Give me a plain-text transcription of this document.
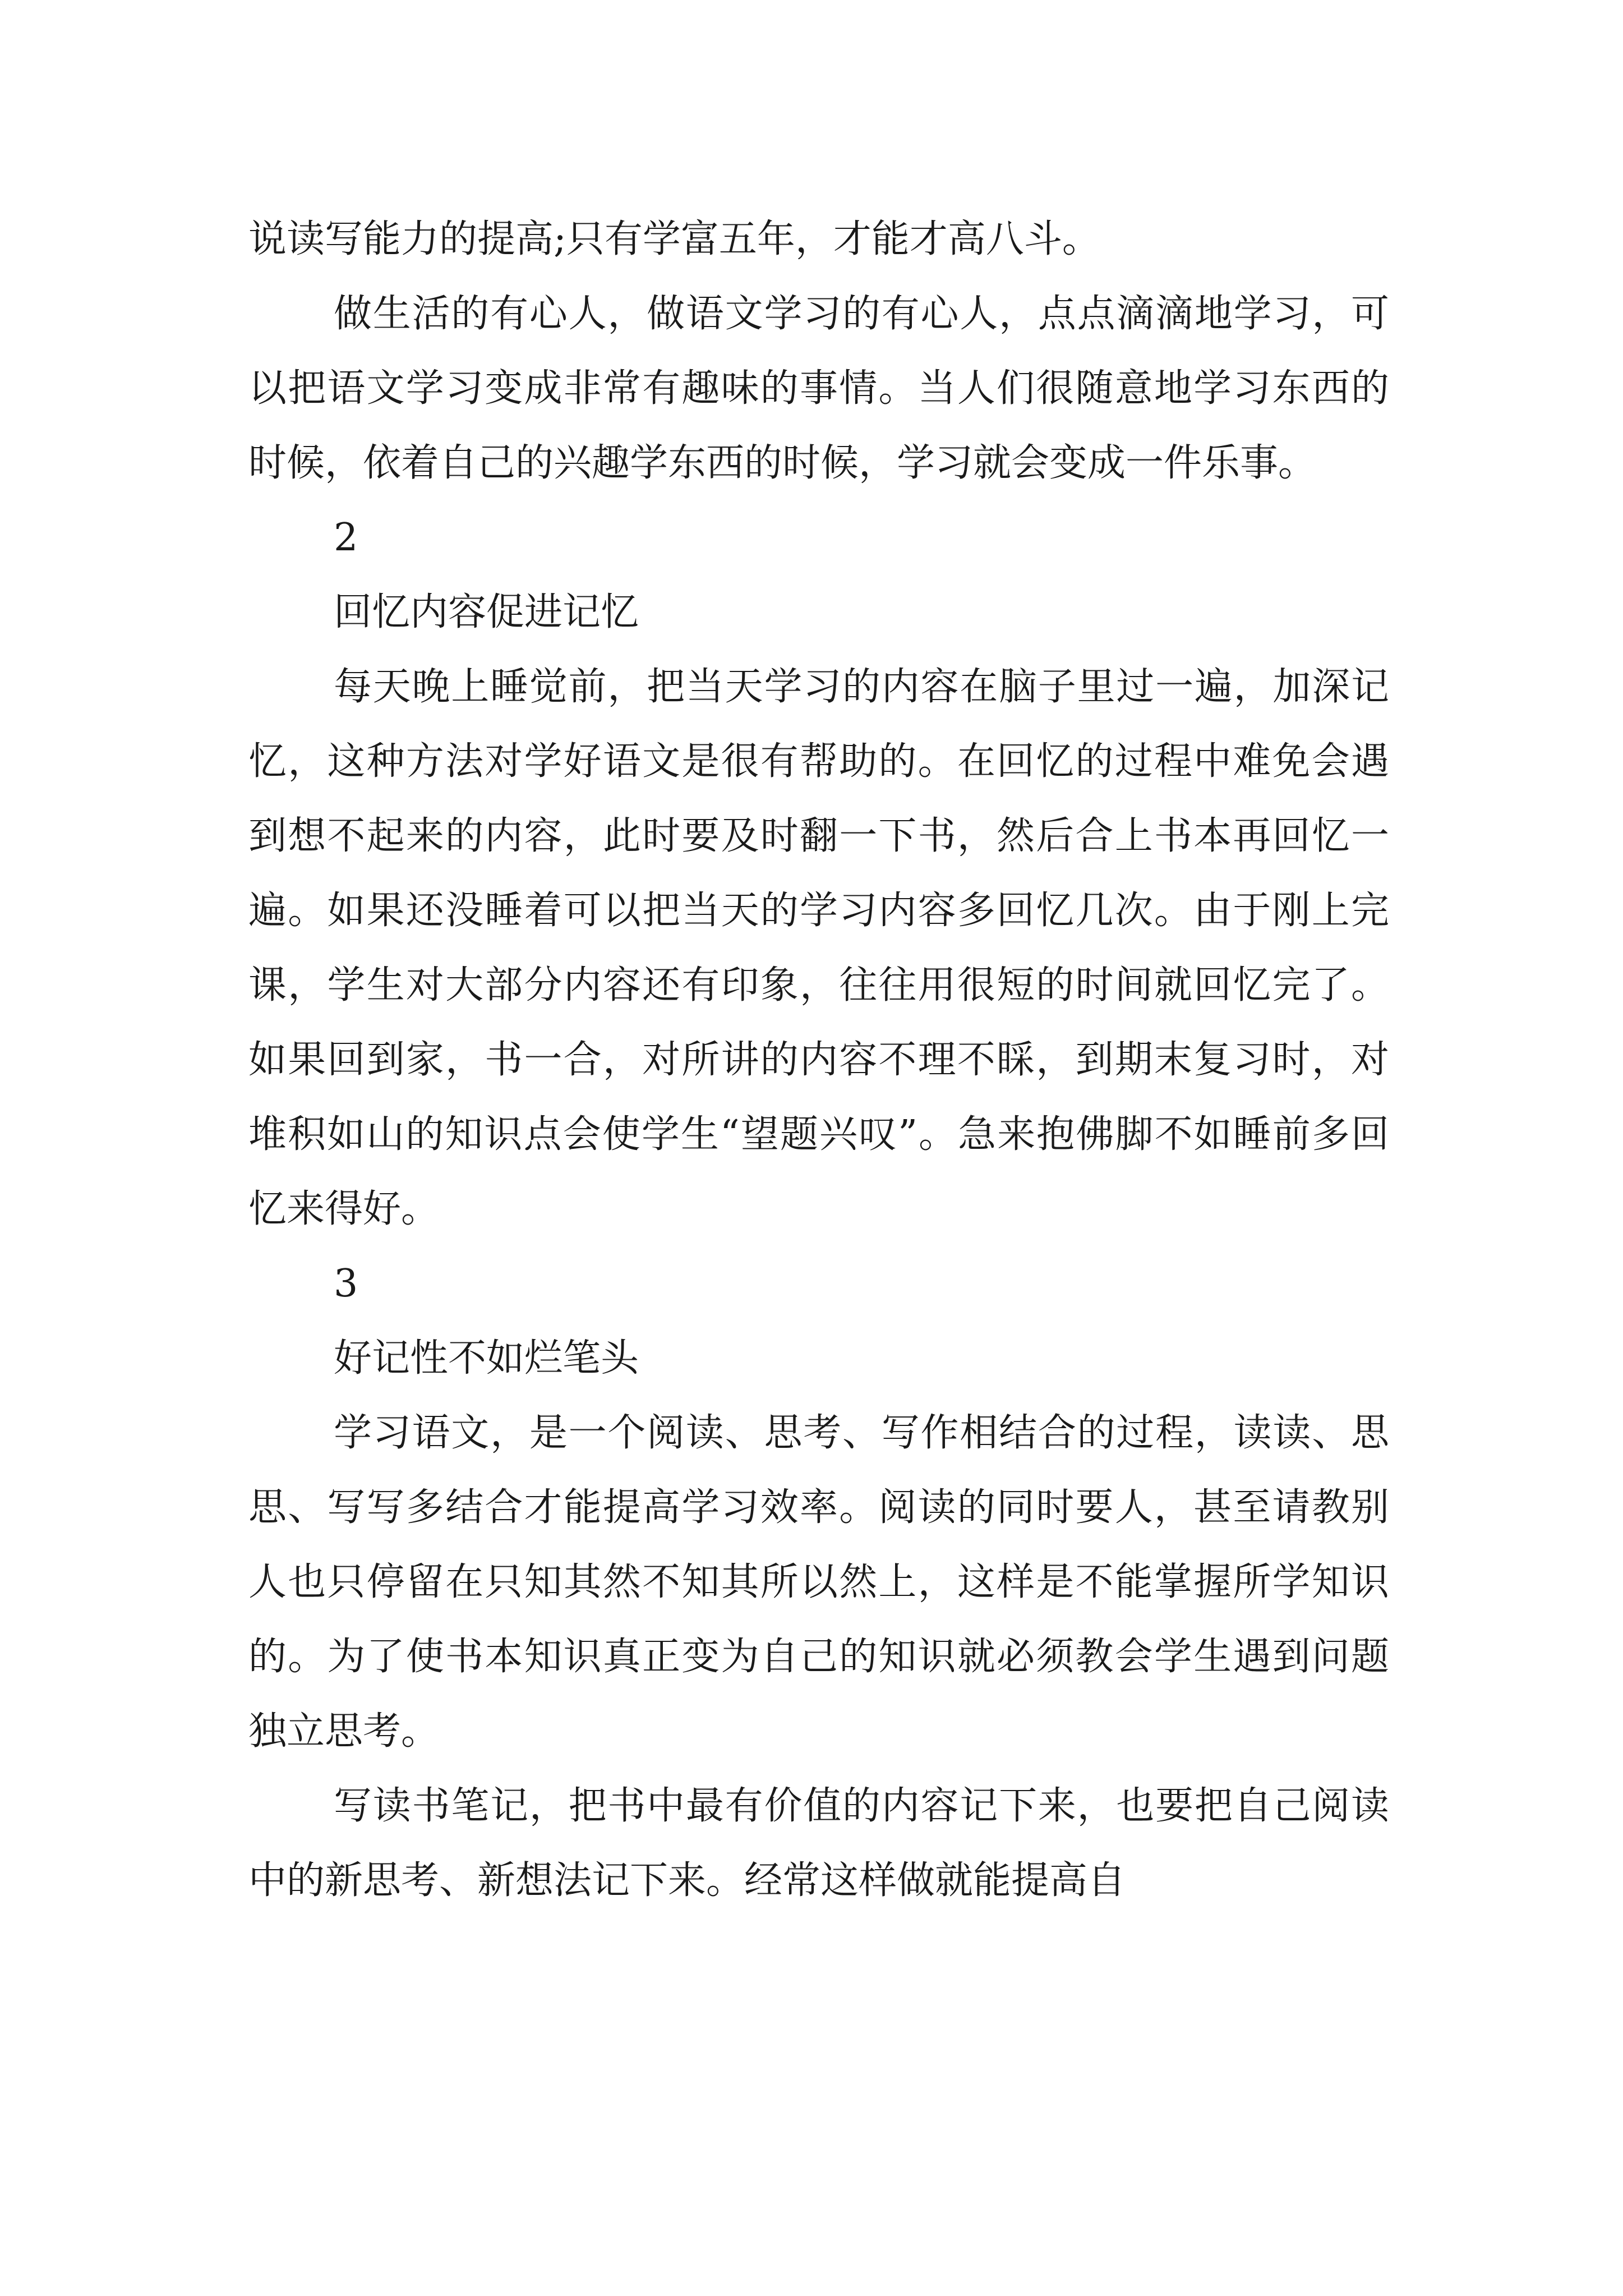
说读写能力的提高;只有学富五年，才能才高八斗。

做生活的有心人，做语文学习的有心人，点点滴滴地学习，可以把语文学习变成非常有趣味的事情。当人们很随意地学习东西的时候，依着自己的兴趣学东西的时候，学习就会变成一件乐事。

2

回忆内容促进记忆

每天晚上睡觉前，把当天学习的内容在脑子里过一遍，加深记忆，这种方法对学好语文是很有帮助的。在回忆的过程中难免会遇到想不起来的内容，此时要及时翻一下书，然后合上书本再回忆一遍。如果还没睡着可以把当天的学习内容多回忆几次。由于刚上完课，学生对大部分内容还有印象，往往用很短的时间就回忆完了。如果回到家，书一合，对所讲的内容不理不睬，到期末复习时，对堆积如山的知识点会使学生“望题兴叹”。急来抱佛脚不如睡前多回忆来得好。

3

好记性不如烂笔头

学习语文，是一个阅读、思考、写作相结合的过程，读读、思思、写写多结合才能提高学习效率。阅读的同时要人，甚至请教别人也只停留在只知其然不知其所以然上，这样是不能掌握所学知识的。为了使书本知识真正变为自己的知识就必须教会学生遇到问题独立思考。

写读书笔记，把书中最有价值的内容记下来，也要把自己阅读中的新思考、新想法记下来。经常这样做就能提高自
